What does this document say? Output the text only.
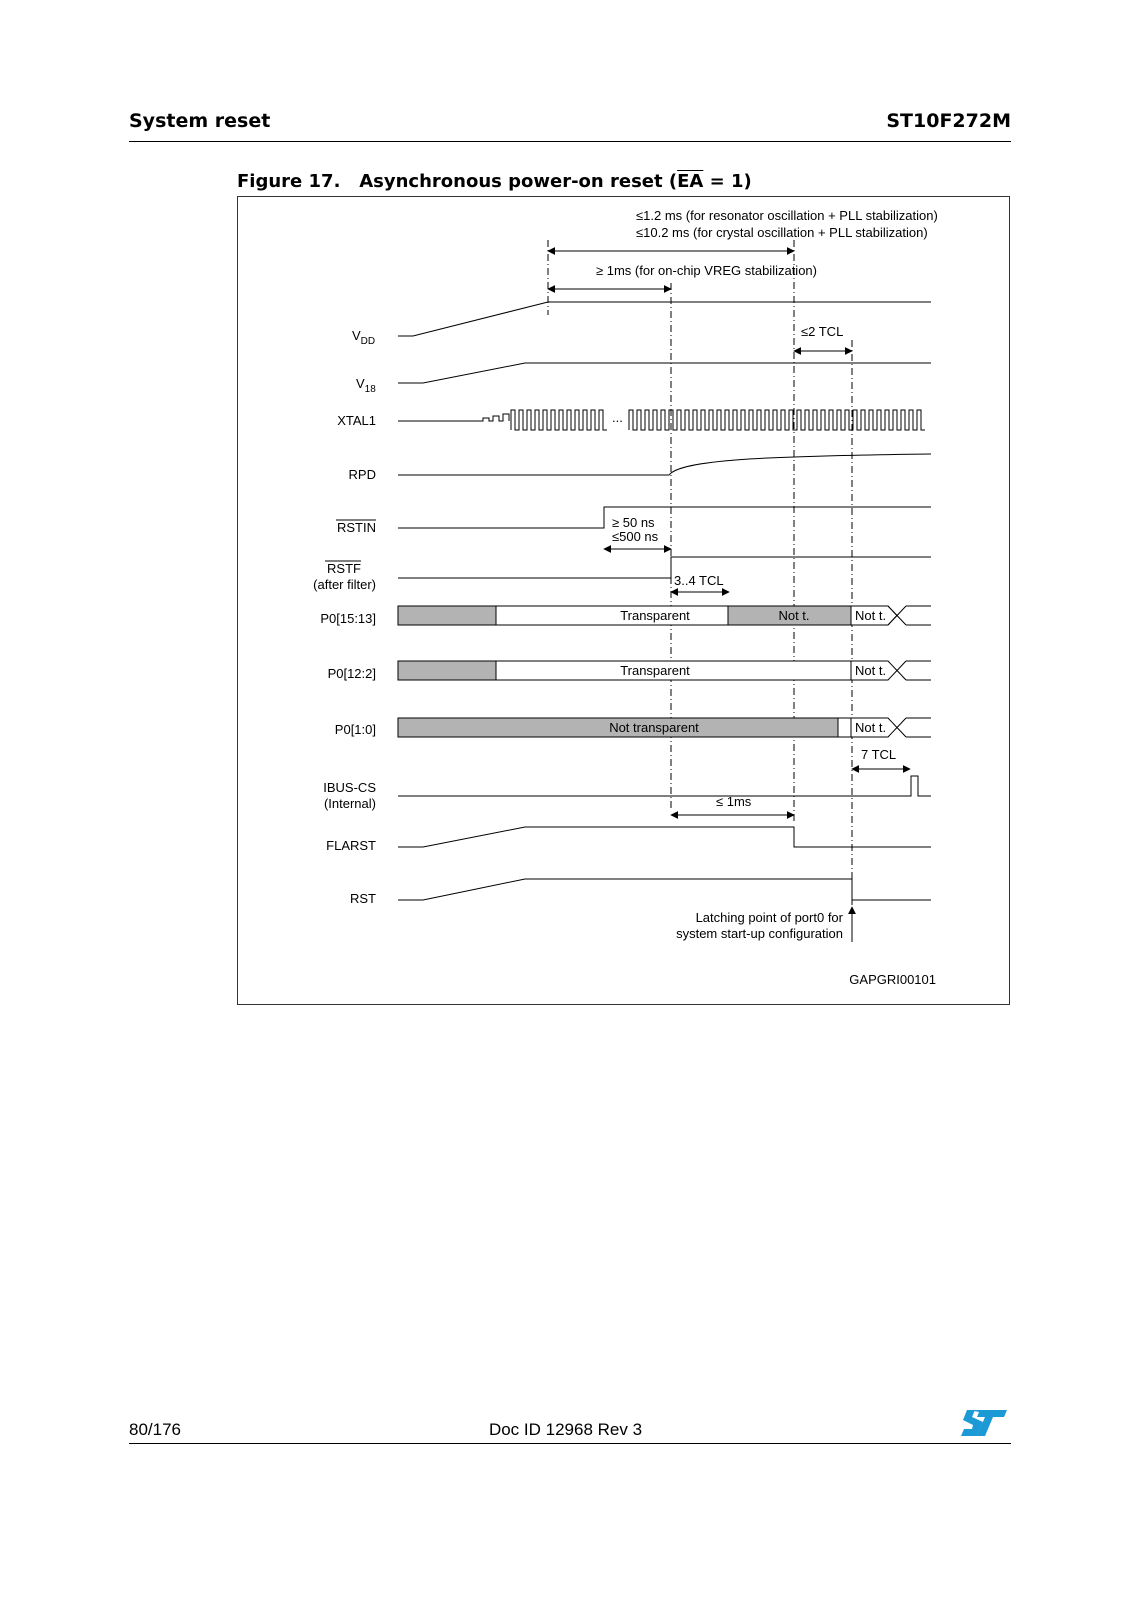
System reset	ST10F272M
Figure 17. Asynchronous power-on reset $(\overline{EA} = 1)$
≤1.2 ms (for resonator oscillation + PLL stabilization)
≤10.2 ms (for crystal oscillation + PLL stabilization)
≥ 1ms (for on-chip VREG stabilization)
$V_{DD}$
≤2 TCL
$V_{18}$
XTAL1	...
RPD
RSTIN	≥ 50 ns
≤500 ns
RSTF
(after filter)	3..4 TCL
P0[15:13]	Transparent	Not t.	Not t.
P0[12:2]	Transparent	Not t.
P0[1:0]	Not transparent	Not t.
7 TCL
IBUS-CS
(Internal)	≤ 1ms
FLARST
RST
Latching point of port0 for
system start-up configuration
GAPGRI00101
80/176	Doc ID 12968 Rev 3
